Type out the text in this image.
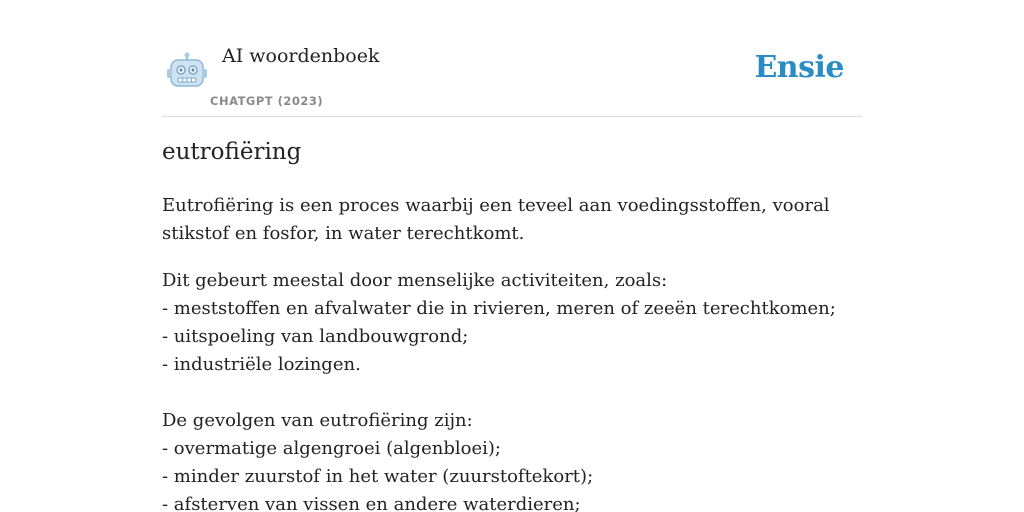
AI woordenboek
CHATGPT (2023)
Ensie
eutrofiëring

Eutrofiëring is een proces waarbij een teveel aan voedingsstoffen, vooral stikstof en fosfor, in water terechtkomt.

Dit gebeurt meestal door menselijke activiteiten, zoals:
- meststoffen en afvalwater die in rivieren, meren of zeeën terechtkomen;
- uitspoeling van landbouwgrond;
- industriële lozingen.
De gevolgen van eutrofiëring zijn:
- overmatige algengroei (algenbloei);
- minder zuurstof in het water (zuurstoftekort);
- afsterven van vissen en andere waterdieren;
